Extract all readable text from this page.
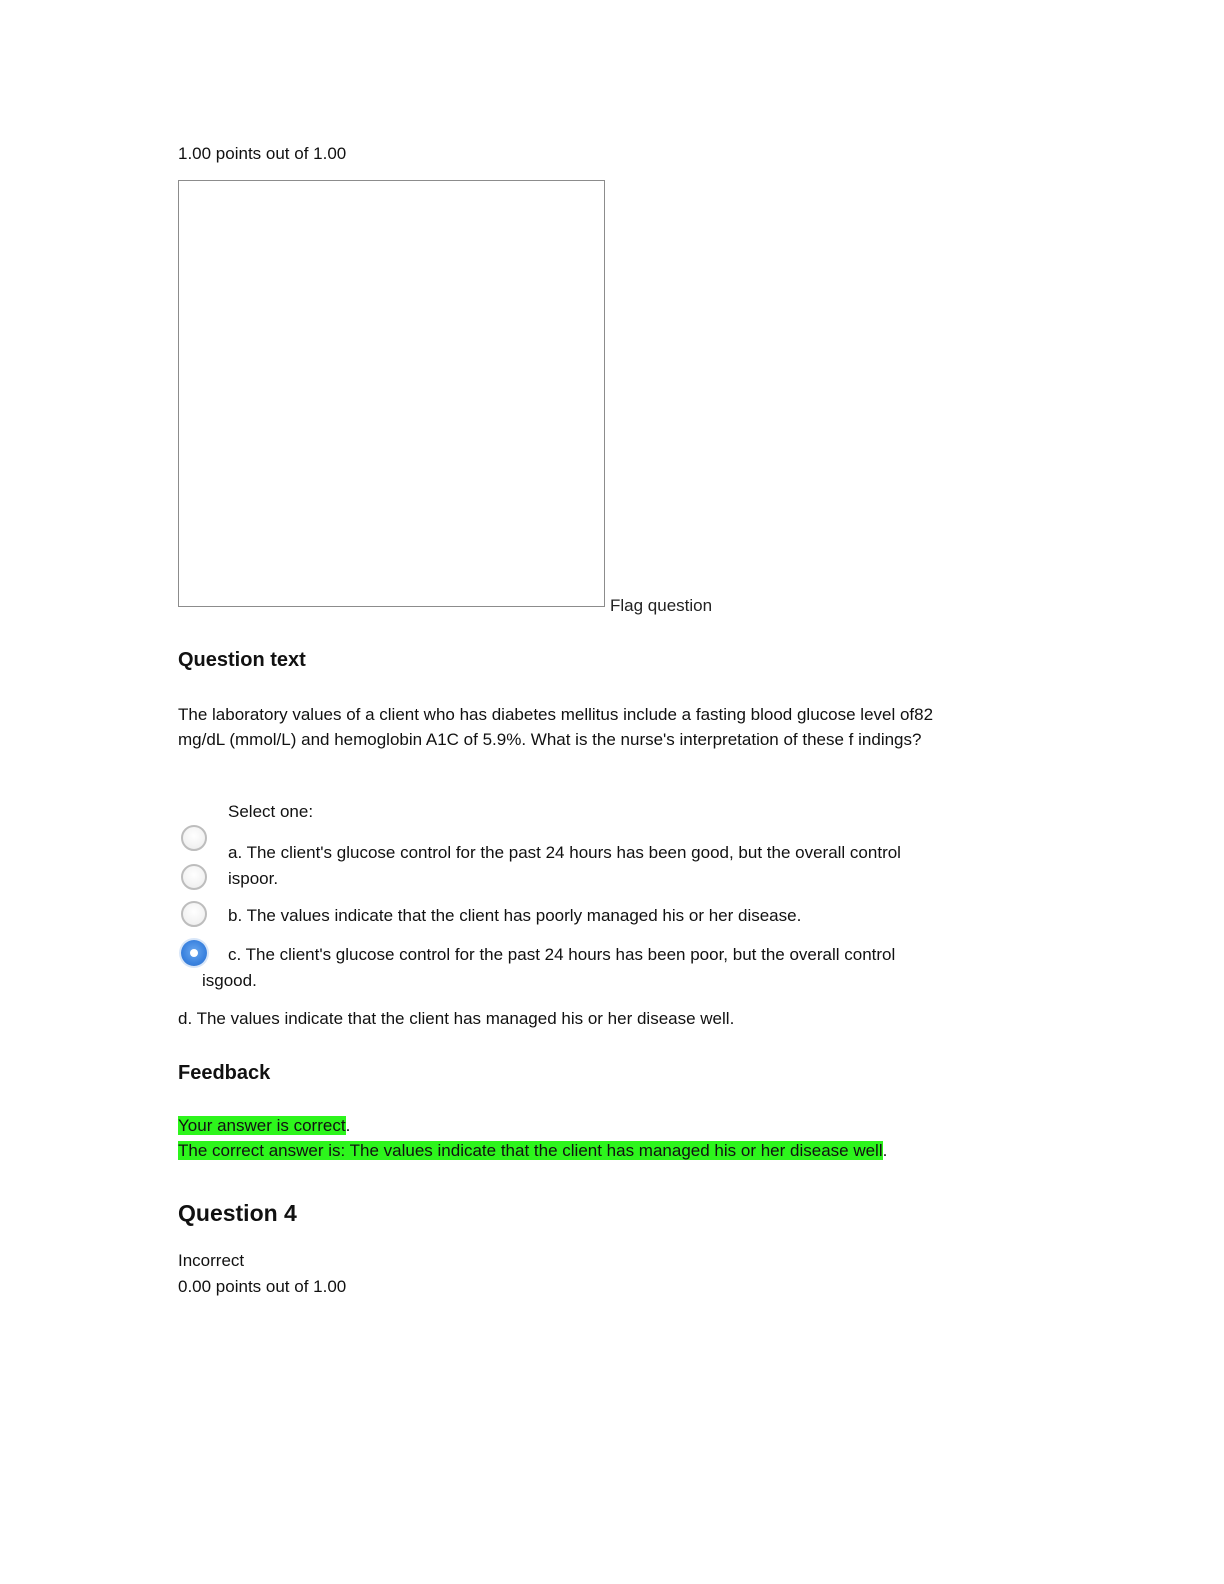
1.00 points out of 1.00
Flag question
Question text
The laboratory values of a client who has diabetes mellitus include a fasting blood glucose level of82 mg/dL (mmol/L) and hemoglobin A1C of 5.9%. What is the nurse's interpretation of these f indings?
Select one:
a. The client's glucose control for the past 24 hours has been good, but the overall control
ispoor.
b. The values indicate that the client has poorly managed his or her disease.
c. The client's glucose control for the past 24 hours has been poor, but the overall control
isgood.
d. The values indicate that the client has managed his or her disease well.
Feedback
Your answer is correct.
The correct answer is: The values indicate that the client has managed his or her disease well.
Question 4
Incorrect
0.00 points out of 1.00
